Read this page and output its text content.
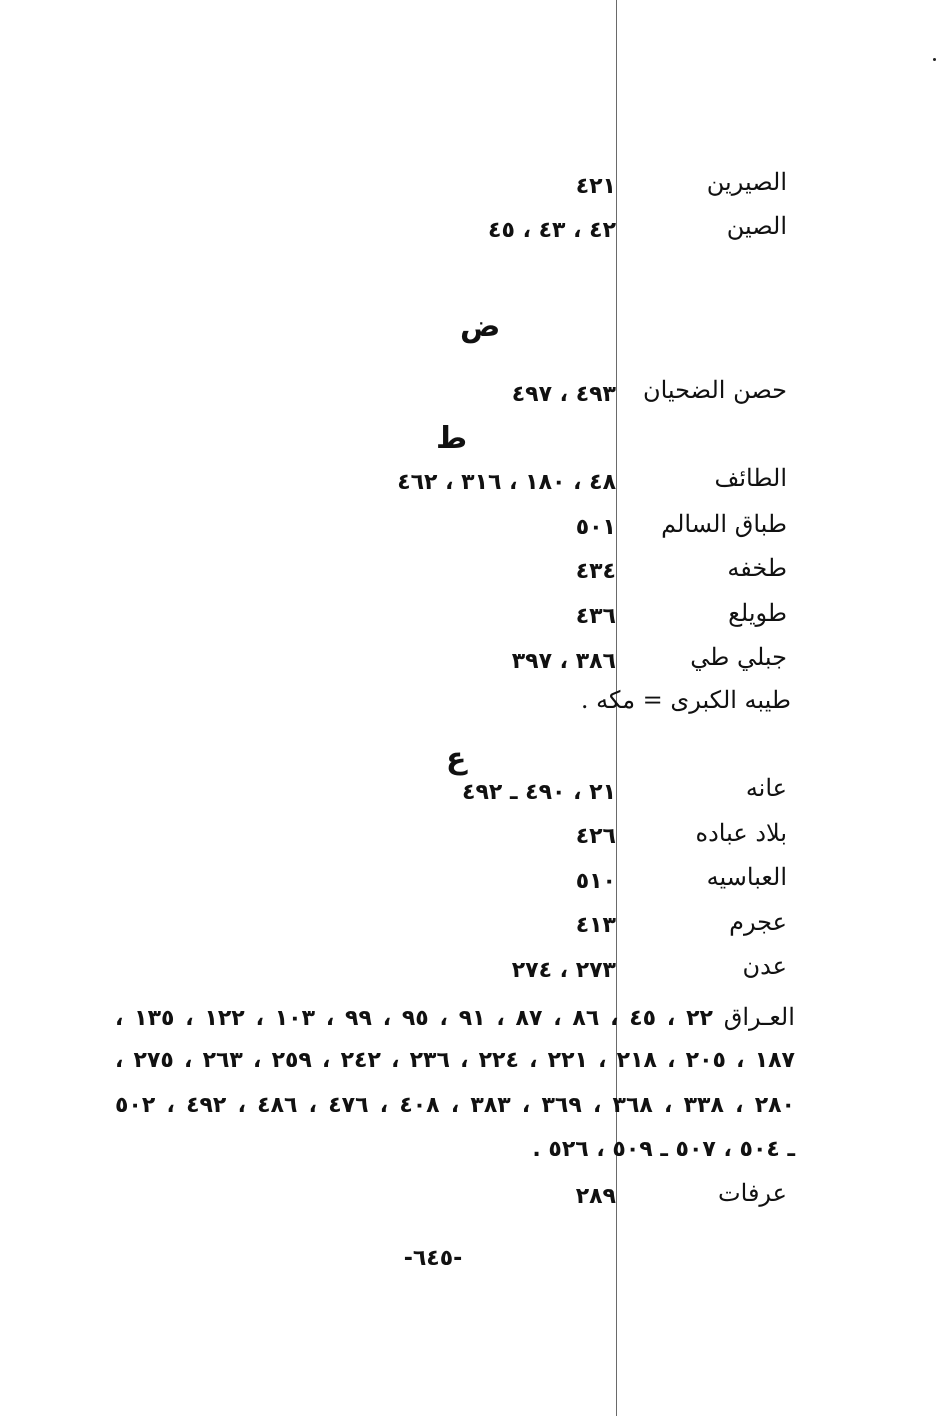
الصيرين
٤٢١
الصين
٤٢ ، ٤٣ ، ٤٥
ض
حصن الضحيان
٤٩٣ ، ٤٩٧
ط
الطائف
٤٨ ، ١٨٠ ، ٣١٦ ، ٤٦٢
طباق السالم
٥٠١
طخفه
٤٣٤
طويلع
٤٣٦
جبلي طي
٣٨٦ ، ٣٩٧
طيبه الكبرى = مكه .
ع
عانه
٢١ ، ٤٩٠ ـ ٤٩٢
بلاد عباده
٤٢٦
العباسيه
٥١٠
عجرم
٤١٣
عدن
٢٧٣ ، ٢٧٤
العـراق ٢٢ ، ٤٥ ، ٨٦ ، ٨٧ ، ٩١ ، ٩٥ ، ٩٩ ، ١٠٣ ، ١٢٢ ، ١٣٥ ،
١٨٧ ، ٢٠٥ ، ٢١٨ ، ٢٢١ ، ٢٢٤ ، ٢٣٦ ، ٢٤٢ ، ٢٥٩ ، ٢٦٣ ، ٢٧٥ ،
٢٨٠ ، ٣٣٨ ، ٣٦٨ ، ٣٦٩ ، ٣٨٣ ، ٤٠٨ ، ٤٧٦ ، ٤٨٦ ، ٤٩٢ ، ٥٠٢
ـ ٥٠٤ ، ٥٠٧ ـ ٥٠٩ ، ٥٢٦ .
عرفات
٢٨٩
-٦٤٥-
